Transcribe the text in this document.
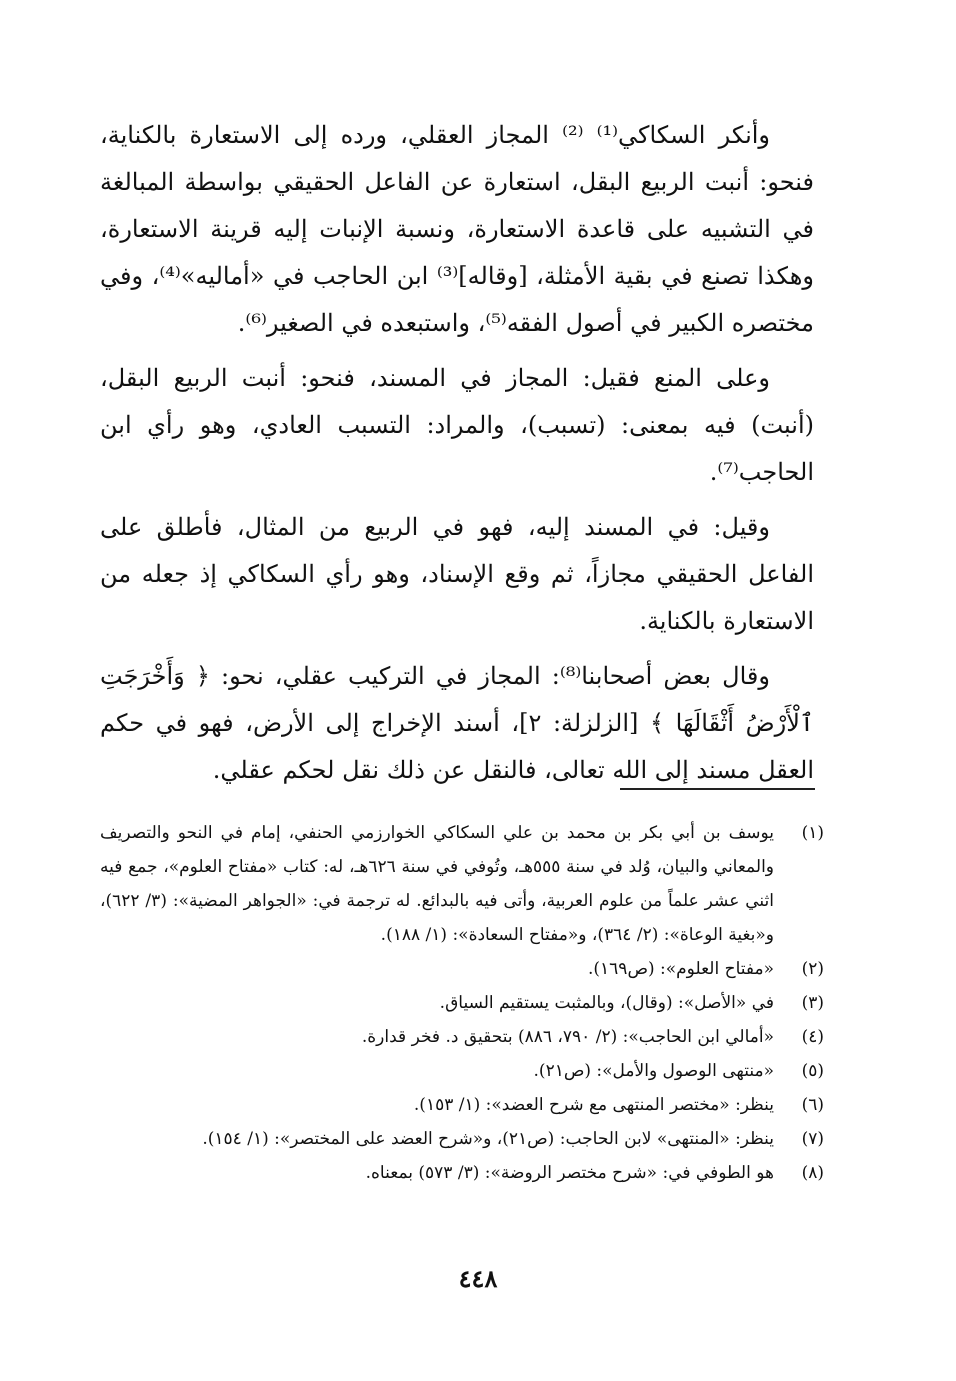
وأنكر السكاكي⁽¹⁾ ⁽²⁾ المجاز العقلي، ورده إلى الاستعارة بالكناية، فنحو: أنبت الربيع البقل، استعارة عن الفاعل الحقيقي بواسطة المبالغة في التشبيه على قاعدة الاستعارة، ونسبة الإنبات إليه قرينة الاستعارة، وهكذا تصنع في بقية الأمثلة، [وقاله]⁽³⁾ ابن الحاجب في «أماليه»⁽⁴⁾، وفي مختصره الكبير في أصول الفقه⁽⁵⁾، واستبعده في الصغير⁽⁶⁾.

وعلى المنع فقيل: المجاز في المسند، فنحو: أنبت الربيع البقل، (أنبت) فيه بمعنى: (تسبب)، والمراد: التسبب العادي، وهو رأي ابن الحاجب⁽⁷⁾.

وقيل: في المسند إليه، فهو في الربيع من المثال، فأطلق على الفاعل الحقيقي مجازاً، ثم وقع الإسناد، وهو رأي السكاكي إذ جعله من الاستعارة بالكناية.

وقال بعض أصحابنا⁽⁸⁾: المجاز في التركيب عقلي، نحو: ﴿ وَأَخْرَجَتِ ٱلْأَرْضُ أَثْقَالَهَا ﴾ [الزلزلة: ٢]، أسند الإخراج إلى الأرض، فهو في حكم العقل مسند إلى الله تعالى، فالنقل عن ذلك نقل لحكم عقلي.

(١)
يوسف بن أبي بكر بن محمد بن علي السكاكي الخوارزمي الحنفي، إمام في النحو والتصريف والمعاني والبيان، وُلد في سنة ٥٥٥هـ، وتُوفي في سنة ٦٢٦هـ، له: كتاب «مفتاح العلوم»، جمع فيه اثني عشر علماً من علوم العربية، وأتى فيه بالبدائع. له ترجمة في: «الجواهر المضية»: (٣/ ٦٢٢)، و«بغية الوعاة»: (٢/ ٣٦٤)، و«مفتاح السعادة»: (١/ ١٨٨).
(٢)
«مفتاح العلوم»: (ص١٦٩).
(٣)
في «الأصل»: (وقال)، وبالمثبت يستقيم السياق.
(٤)
«أمالي ابن الحاجب»: (٢/ ٧٩٠، ٨٨٦) بتحقيق د. فخر قدارة.
(٥)
«منتهى الوصول والأمل»: (ص٢١).
(٦)
ينظر: «مختصر المنتهى مع شرح العضد»: (١/ ١٥٣).
(٧)
ينظر: «المنتهى» لابن الحاجب: (ص٢١)، و«شرح العضد على المختصر»: (١/ ١٥٤).
(٨)
هو الطوفي في: «شرح مختصر الروضة»: (٣/ ٥٧٣) بمعناه.
٤٤٨
